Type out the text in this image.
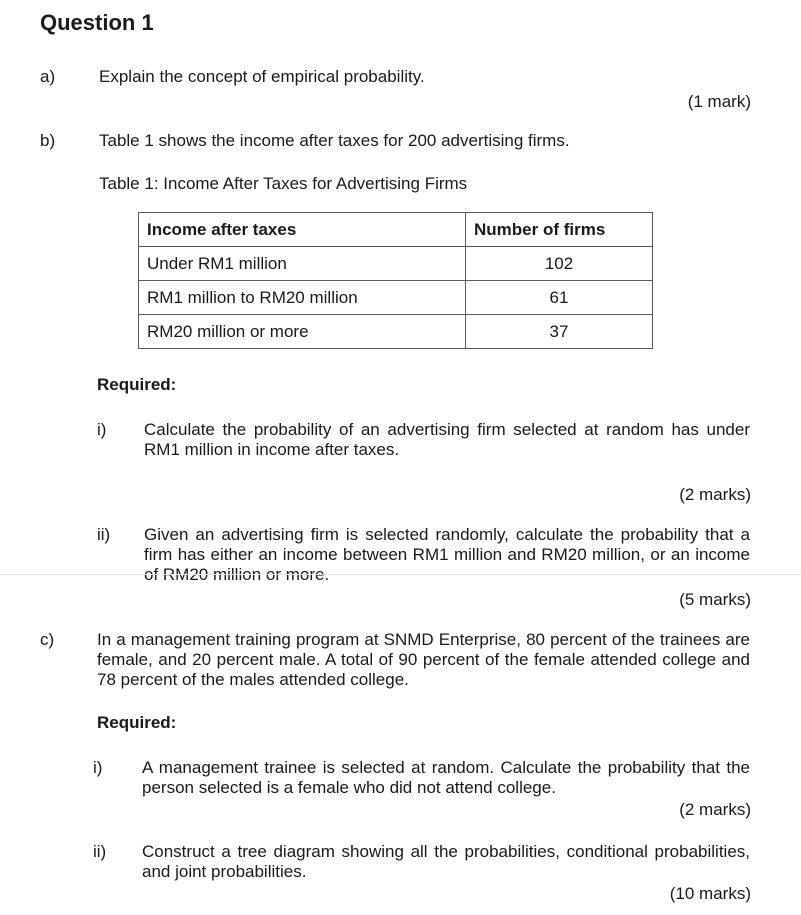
Question 1
a)	Explain the concept of empirical probability.
(1 mark)
b)	Table 1 shows the income after taxes for 200 advertising firms.
Table 1: Income After Taxes for Advertising Firms
Income after taxes	Number of firms
Under RM1 million	102
RM1 million to RM20 million	61
RM20 million or more	37
Required:
i) Calculate the probability of an advertising firm selected at random has under RM1 million in income after taxes.
(2 marks)
ii) Given an advertising firm is selected randomly, calculate the probability that a firm has either an income between RM1 million and RM20 million, or an income of RM20 million or more.
(5 marks)
c)	In a management training program at SNMD Enterprise, 80 percent of the trainees are female, and 20 percent male. A total of 90 percent of the female attended college and 78 percent of the males attended college.
Required:
i) A management trainee is selected at random. Calculate the probability that the person selected is a female who did not attend college.
(2 marks)
ii) Construct a tree diagram showing all the probabilities, conditional probabilities, and joint probabilities.
(10 marks)
